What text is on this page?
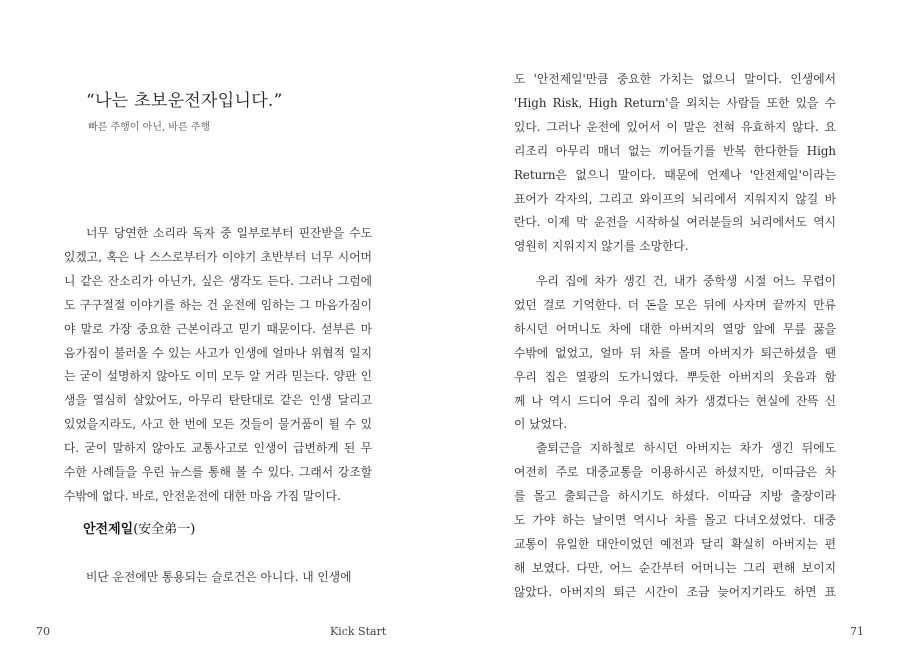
“나는 초보운전자입니다.”
빠른 주행이 아닌, 바른 주행
너무 당연한 소리라 독자 중 일부로부터 핀잔받을 수도
있겠고, 혹은 나 스스로부터가 이야기 초반부터 너무 시어머
니 같은 잔소리가 아닌가, 싶은 생각도 든다. 그러나 그럼에
도 구구절절 이야기를 하는 건 운전에 임하는 그 마음가짐이
야 말로 가장 중요한 근본이라고 믿기 때문이다. 섣부른 마
음가짐이 불러올 수 있는 사고가 인생에 얼마나 위협적 일지
는 굳이 설명하지 않아도 이미 모두 알 거라 믿는다. 양판 인
생을 열심히 살았어도, 아무리 탄탄대로 같은 인생 달리고
있었을지라도, 사고 한 번에 모든 것들이 물거품이 될 수 있
다. 굳이 말하지 않아도 교통사고로 인생이 급변하게 된 무
수한 사례들을 우린 뉴스를 통해 볼 수 있다. 그래서 강조할
수밖에 없다. 바로, 안전운전에 대한 마음 가짐 말이다.
안전제일(安全弟一)
비단 운전에만 통용되는 슬로건은 아니다. 내 인생에
70	Kick Start
도 '안전제일'만큼 중요한 가치는 없으니 말이다. 인생에서
'High Risk, High Return'을 외치는 사람들 또한 있을 수
있다. 그러나 운전에 있어서 이 말은 전혀 유효하지 않다. 요
리조리 아무리 매너 없는 끼어들기를 반복 한다한들 High
Return은 없으니 말이다. 때문에 언제나 '안전제일'이라는
표어가 각자의, 그리고 와이프의 뇌리에서 지워지지 않길 바
란다. 이제 막 운전을 시작하실 여러분들의 뇌리에서도 역시
영원히 지워지지 않기를 소망한다.
우리 집에 차가 생긴 건, 내가 중학생 시절 어느 무렵이
었던 걸로 기억한다. 더 돈을 모은 뒤에 사자며 끝까지 만류
하시던 어머니도 차에 대한 아버지의 열망 앞에 무릎 꿇을
수밖에 없었고, 얼마 뒤 차를 몰며 아버지가 퇴근하셨을 땐
우리 집은 열광의 도가니였다. 뿌듯한 아버지의 웃음과 함
께 나 역시 드디어 우리 집에 차가 생겼다는 현실에 잔뜩 신
이 났었다.
출퇴근을 지하철로 하시던 아버지는 차가 생긴 뒤에도
여전히 주로 대중교통을 이용하시곤 하셨지만, 이따금은 차
를 몰고 출퇴근을 하시기도 하셨다. 이따금 지방 출장이라
도 가야 하는 날이면 역시나 차를 몰고 다녀오셨었다. 대중
교통이 유일한 대안이었던 예전과 달리 확실히 아버지는 편
해 보였다. 다만, 어느 순간부터 어머니는 그리 편해 보이지
않았다. 아버지의 퇴근 시간이 조금 늦어지기라도 하면 표
71
